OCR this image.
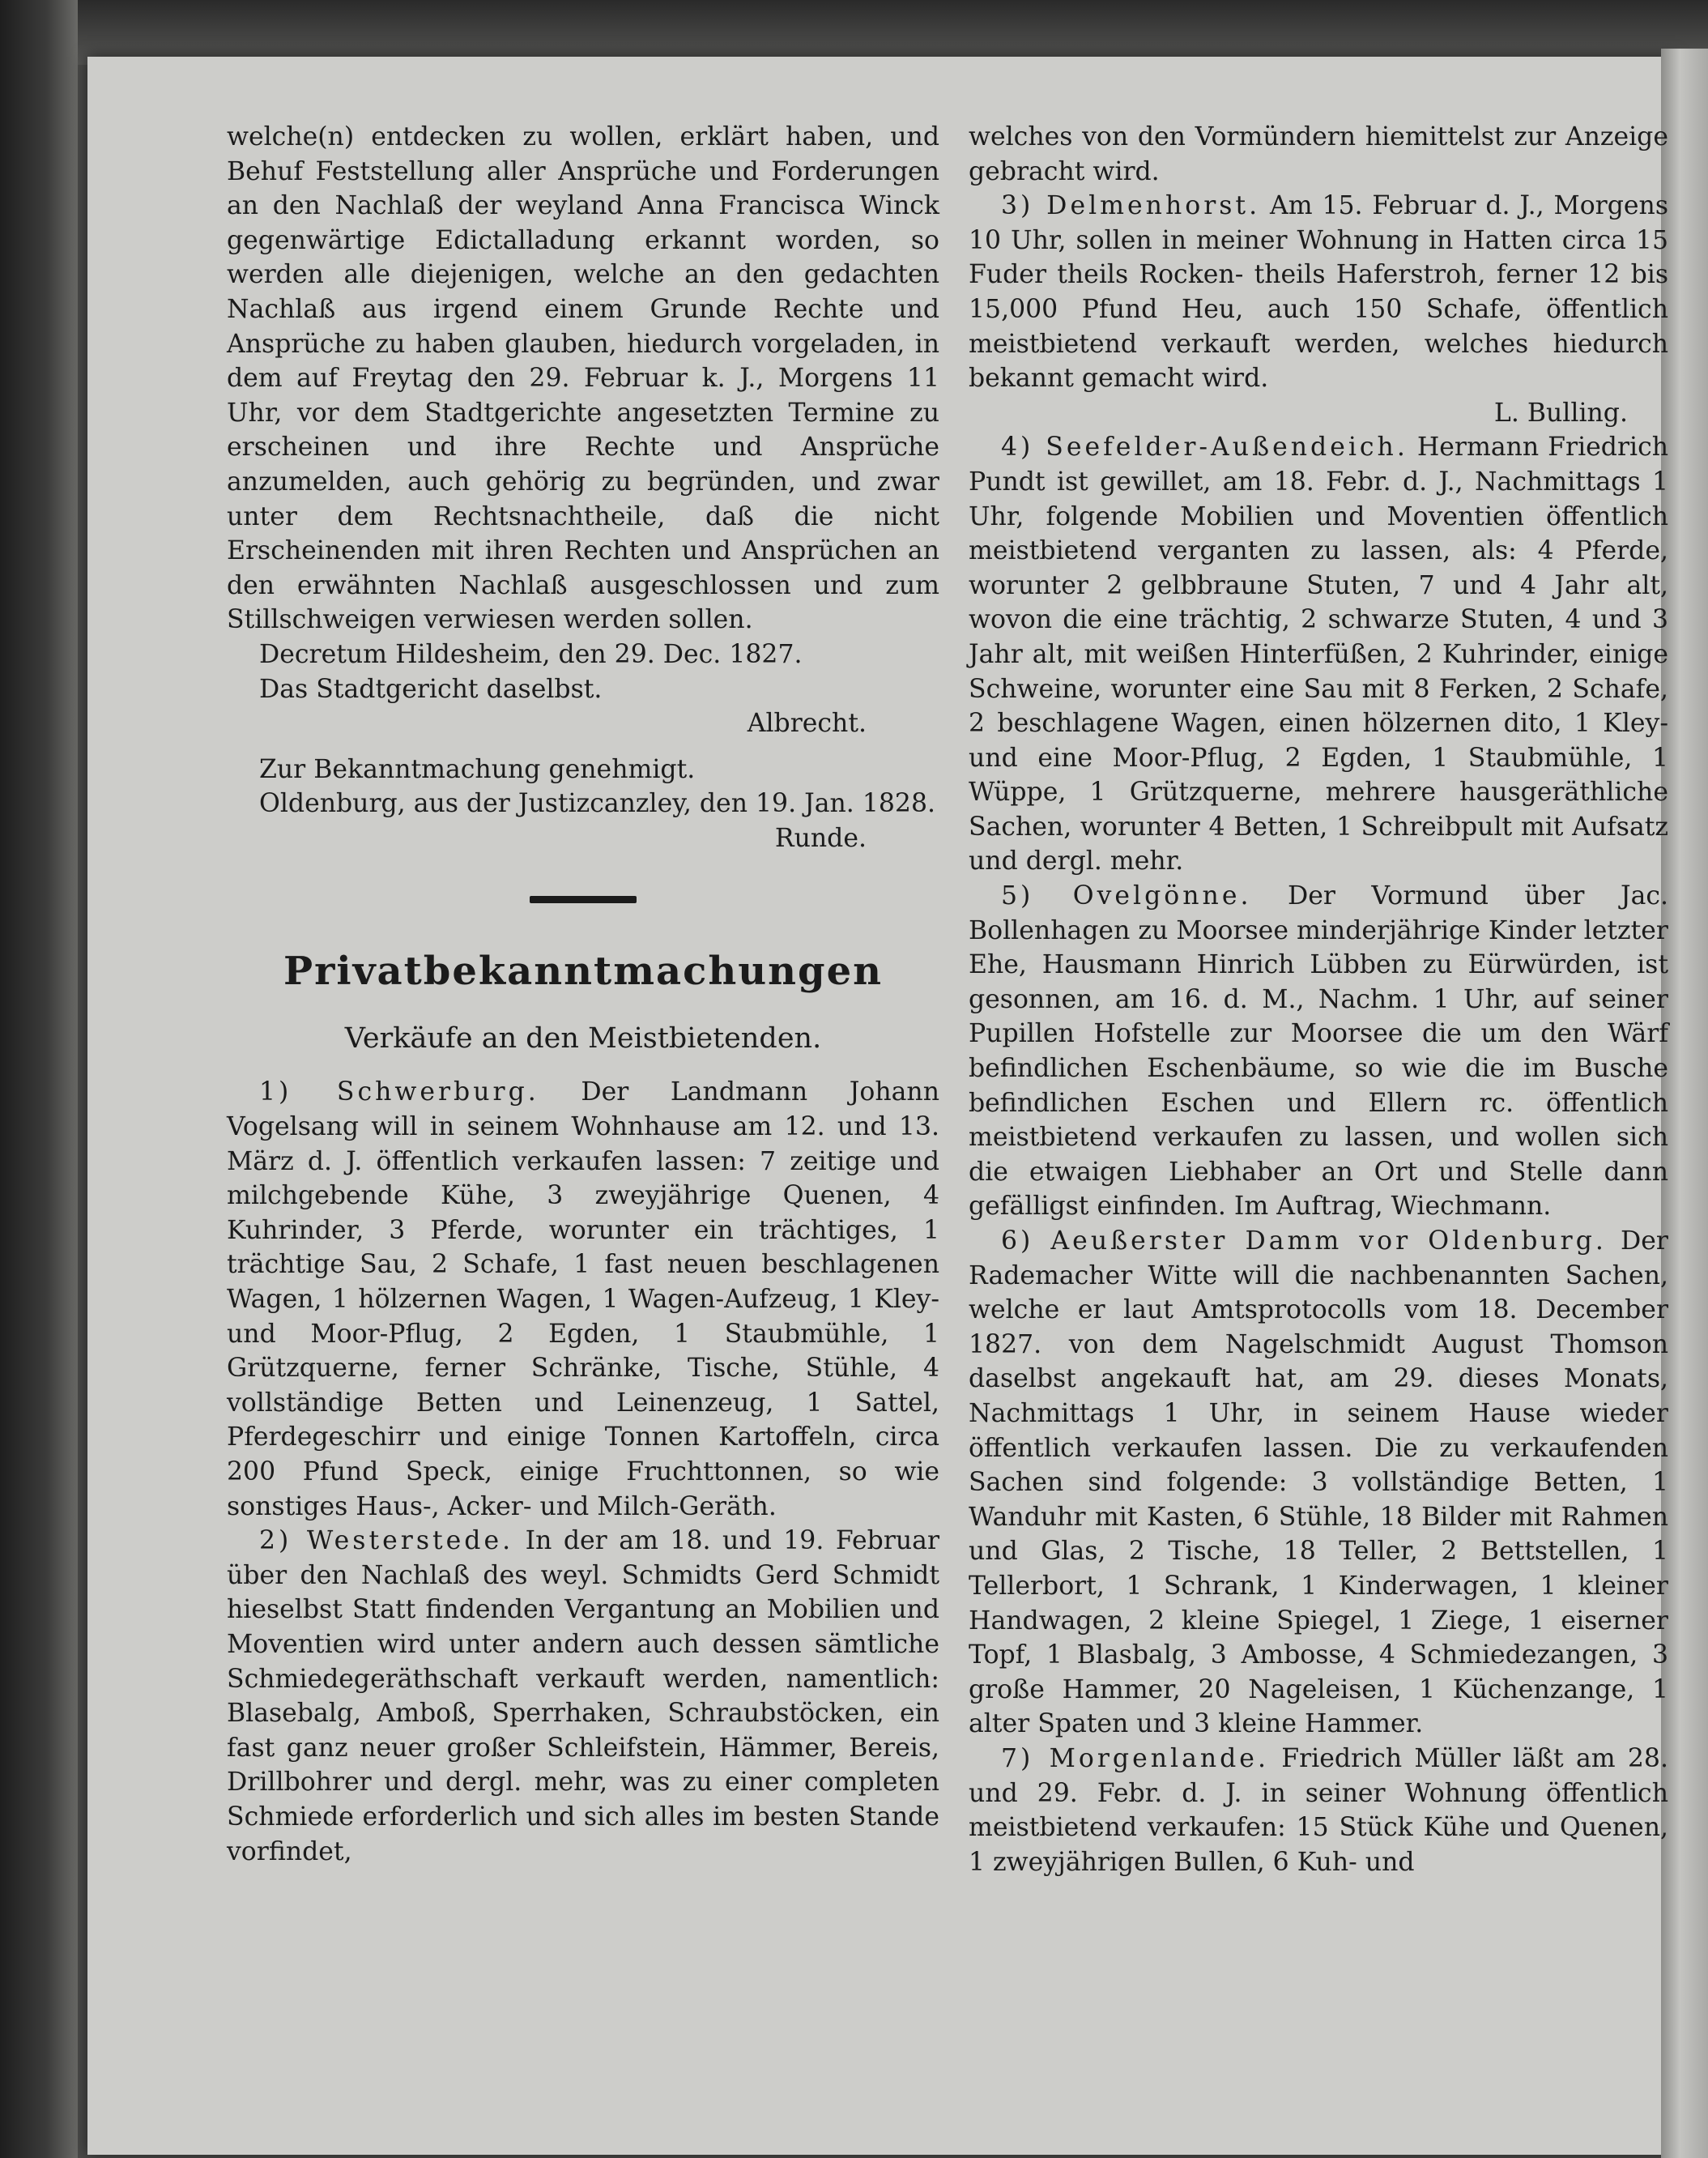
welche(n) entdecken zu wollen, erklärt haben, und Behuf Feststellung aller Ansprüche und Forderungen an den Nachlaß der weyland Anna Francisca Winck gegenwärtige Edictalladung erkannt worden, so werden alle diejenigen, welche an den gedachten Nachlaß aus irgend einem Grunde Rechte und Ansprüche zu haben glauben, hiedurch vorgeladen, in dem auf Freytag den 29. Februar k. J., Morgens 11 Uhr, vor dem Stadtgerichte angesetzten Termine zu erscheinen und ihre Rechte und Ansprüche anzumelden, auch gehörig zu begründen, und zwar unter dem Rechtsnachtheile, daß die nicht Erscheinenden mit ihren Rechten und Ansprüchen an den erwähnten Nachlaß ausgeschlossen und zum Stillschweigen verwiesen werden sollen.

Decretum Hildesheim, den 29. Dec. 1827.

Das Stadtgericht daselbst.

Albrecht.

Zur Bekanntmachung genehmigt.

Oldenburg, aus der Justizcanzley, den 19. Jan. 1828.

Runde.

Privatbekanntmachungen
Verkäufe an den Meistbietenden.

1) Schwerburg. Der Landmann Johann Vogelsang will in seinem Wohnhause am 12. und 13. März d. J. öffentlich verkaufen lassen: 7 zeitige und milchgebende Kühe, 3 zweyjährige Quenen, 4 Kuhrinder, 3 Pferde, worunter ein trächtiges, 1 trächtige Sau, 2 Schafe, 1 fast neuen beschlagenen Wagen, 1 hölzernen Wagen, 1 Wagen-Aufzeug, 1 Kley- und Moor-Pflug, 2 Egden, 1 Staubmühle, 1 Grützquerne, ferner Schränke, Tische, Stühle, 4 vollständige Betten und Leinenzeug, 1 Sattel, Pferdegeschirr und einige Tonnen Kartoffeln, circa 200 Pfund Speck, einige Fruchttonnen, so wie sonstiges Haus-, Acker- und Milch-Geräth.

2) Westerstede. In der am 18. und 19. Februar über den Nachlaß des weyl. Schmidts Gerd Schmidt hieselbst Statt findenden Vergantung an Mobilien und Moventien wird unter andern auch dessen sämtliche Schmiedegeräthschaft verkauft werden, namentlich: Blasebalg, Amboß, Sperrhaken, Schraubstöcken, ein fast ganz neuer großer Schleifstein, Hämmer, Bereis, Drillbohrer und dergl. mehr, was zu einer completen Schmiede erforderlich und sich alles im besten Stande vorfindet,

welches von den Vormündern hiemittelst zur Anzeige gebracht wird.

3) Delmenhorst. Am 15. Februar d. J., Morgens 10 Uhr, sollen in meiner Wohnung in Hatten circa 15 Fuder theils Rocken- theils Haferstroh, ferner 12 bis 15,000 Pfund Heu, auch 150 Schafe, öffentlich meistbietend verkauft werden, welches hiedurch bekannt gemacht wird.

L. Bulling.

4) Seefelder-Außendeich. Hermann Friedrich Pundt ist gewillet, am 18. Febr. d. J., Nachmittags 1 Uhr, folgende Mobilien und Moventien öffentlich meistbietend verganten zu lassen, als: 4 Pferde, worunter 2 gelbbraune Stuten, 7 und 4 Jahr alt, wovon die eine trächtig, 2 schwarze Stuten, 4 und 3 Jahr alt, mit weißen Hinterfüßen, 2 Kuhrinder, einige Schweine, worunter eine Sau mit 8 Ferken, 2 Schafe, 2 beschlagene Wagen, einen hölzernen dito, 1 Kley- und eine Moor-Pflug, 2 Egden, 1 Staubmühle, 1 Wüppe, 1 Grützquerne, mehrere hausgeräthliche Sachen, worunter 4 Betten, 1 Schreibpult mit Aufsatz und dergl. mehr.

5) Ovelgönne. Der Vormund über Jac. Bollenhagen zu Moorsee minderjährige Kinder letzter Ehe, Hausmann Hinrich Lübben zu Eürwürden, ist gesonnen, am 16. d. M., Nachm. 1 Uhr, auf seiner Pupillen Hofstelle zur Moorsee die um den Wärf befindlichen Eschenbäume, so wie die im Busche befindlichen Eschen und Ellern rc. öffentlich meistbietend verkaufen zu lassen, und wollen sich die etwaigen Liebhaber an Ort und Stelle dann gefälligst einfinden. Im Auftrag, Wiechmann.

6) Aeußerster Damm vor Oldenburg. Der Rademacher Witte will die nachbenannten Sachen, welche er laut Amtsprotocolls vom 18. December 1827. von dem Nagelschmidt August Thomson daselbst angekauft hat, am 29. dieses Monats, Nachmittags 1 Uhr, in seinem Hause wieder öffentlich verkaufen lassen. Die zu verkaufenden Sachen sind folgende: 3 vollständige Betten, 1 Wanduhr mit Kasten, 6 Stühle, 18 Bilder mit Rahmen und Glas, 2 Tische, 18 Teller, 2 Bettstellen, 1 Tellerbort, 1 Schrank, 1 Kinderwagen, 1 kleiner Handwagen, 2 kleine Spiegel, 1 Ziege, 1 eiserner Topf, 1 Blasbalg, 3 Ambosse, 4 Schmiedezangen, 3 große Hammer, 20 Nageleisen, 1 Küchenzange, 1 alter Spaten und 3 kleine Hammer.

7) Morgenlande. Friedrich Müller läßt am 28. und 29. Febr. d. J. in seiner Wohnung öffentlich meistbietend verkaufen: 15 Stück Kühe und Quenen, 1 zweyjährigen Bullen, 6 Kuh- und
